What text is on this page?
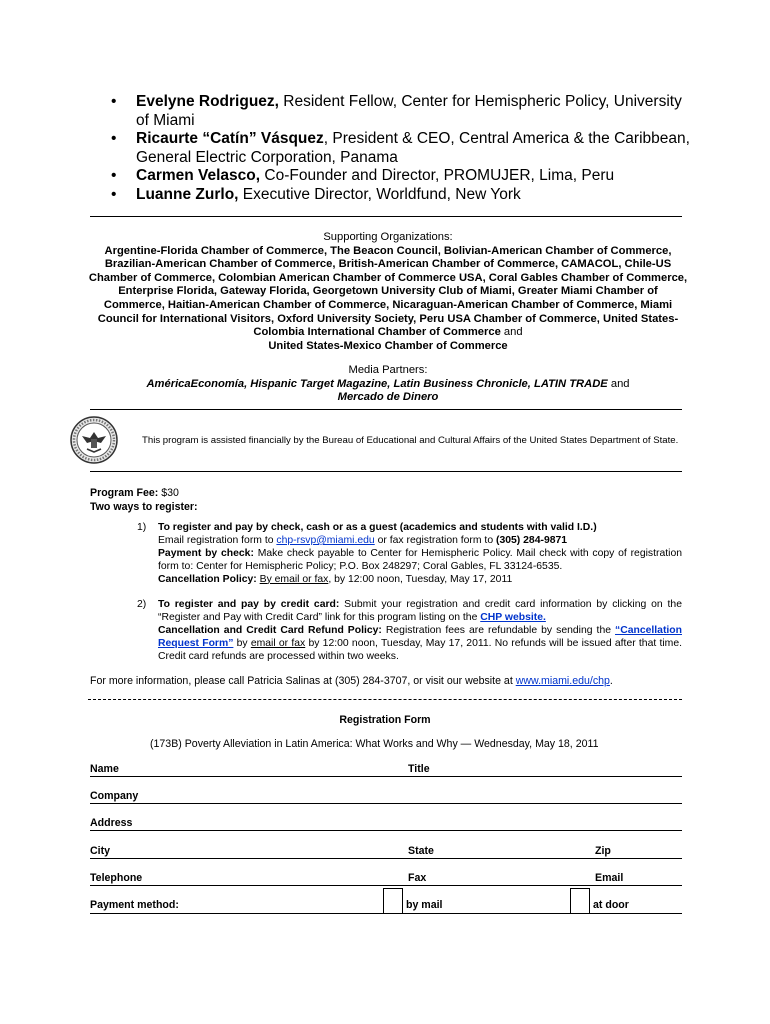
• Evelyne Rodriguez, Resident Fellow, Center for Hemispheric Policy, University of Miami
• Ricaurte “Catín” Vásquez, President & CEO, Central America & the Caribbean, General Electric Corporation, Panama
• Carmen Velasco, Co-Founder and Director, PROMUJER, Lima, Peru
• Luanne Zurlo, Executive Director, Worldfund, New York
Supporting Organizations:
Argentine-Florida Chamber of Commerce, The Beacon Council, Bolivian-American Chamber of Commerce, Brazilian-American Chamber of Commerce, British-American Chamber of Commerce, CAMACOL, Chile-US Chamber of Commerce, Colombian American Chamber of Commerce USA, Coral Gables Chamber of Commerce, Enterprise Florida, Gateway Florida, Georgetown University Club of Miami, Greater Miami Chamber of Commerce, Haitian-American Chamber of Commerce, Nicaraguan-American Chamber of Commerce, Miami Council for International Visitors, Oxford University Society, Peru USA Chamber of Commerce, United States-Colombia International Chamber of Commerce and
United States-Mexico Chamber of Commerce
Media Partners:
AméricaEconomía, Hispanic Target Magazine, Latin Business Chronicle, LATIN TRADE and
Mercado de Dinero
This program is assisted financially by the Bureau of Educational and Cultural Affairs of the United States Department of State.
Program Fee: $30
Two ways to register:
1) To register and pay by check, cash or as a guest (academics and students with valid I.D.)
Email registration form to chp-rsvp@miami.edu or fax registration form to (305) 284-9871
Payment by check: Make check payable to Center for Hemispheric Policy. Mail check with copy of registration form to: Center for Hemispheric Policy; P.O. Box 248297; Coral Gables, FL 33124-6535.
Cancellation Policy: By email or fax, by 12:00 noon, Tuesday, May 17, 2011
2) To register and pay by credit card: Submit your registration and credit card information by clicking on the “Register and Pay with Credit Card” link for this program listing on the CHP website.
Cancellation and Credit Card Refund Policy: Registration fees are refundable by sending the “Cancellation Request Form” by email or fax by 12:00 noon, Tuesday, May 17, 2011. No refunds will be issued after that time. Credit card refunds are processed within two weeks.
For more information, please call Patricia Salinas at (305) 284-3707, or visit our website at www.miami.edu/chp.
Registration Form
(173B) Poverty Alleviation in Latin America: What Works and Why — Wednesday, May 18, 2011
Name	Title
Company
Address
City	State	Zip
Telephone	Fax	Email
Payment method:	by mail	at door
